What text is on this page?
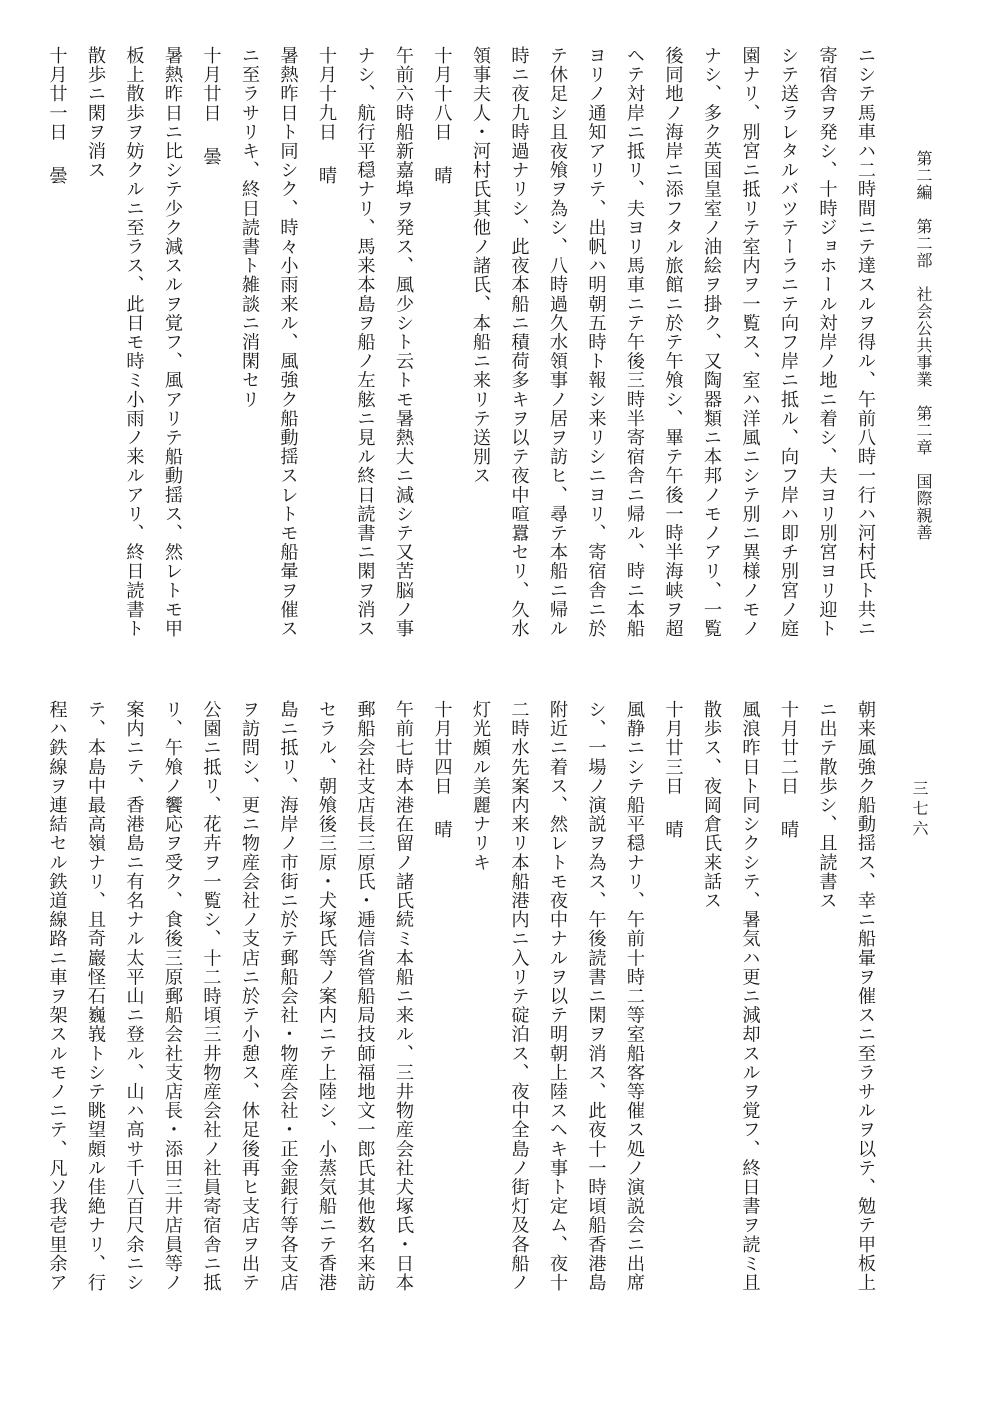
第二編　第二部　社会公共事業　第二章　国際親善
三七六
ニシテ馬車ハ二時間ニテ達スルヲ得ル、午前八時一行ハ河村氏ト共ニ
寄宿舎ヲ発シ、十時ジョホール対岸ノ地ニ着シ、夫ヨリ別宮ヨリ迎ト
シテ送ラレタルバツテーラニテ向フ岸ニ抵ル、向フ岸ハ即チ別宮ノ庭
園ナリ、別宮ニ抵リテ室内ヲ一覧ス、室ハ洋風ニシテ別ニ異様ノモノ
ナシ、多ク英国皇室ノ油絵ヲ掛ク、又陶器類ニ本邦ノモノアリ、一覧
後同地ノ海岸ニ添フタル旅館ニ於テ午飧シ、畢テ午後一時半海峡ヲ超
ヘテ対岸ニ抵リ、夫ヨリ馬車ニテ午後三時半寄宿舎ニ帰ル、時ニ本船
ヨリノ通知アリテ、出帆ハ明朝五時ト報シ来リシニヨリ、寄宿舎ニ於
テ休足シ且夜飧ヲ為シ、八時過久水領事ノ居ヲ訪ヒ、尋テ本船ニ帰ル
時ニ夜九時過ナリシ、此夜本船ニ積荷多キヲ以テ夜中喧囂セリ、久水
領事夫人・河村氏其他ノ諸氏、本船ニ来リテ送別ス
十月十八日 晴
午前六時船新嘉埠ヲ発ス、風少シト云トモ暑熱大ニ減シテ又苦脳ノ事
ナシ、航行平穏ナリ、馬来本島ヲ船ノ左舷ニ見ル終日読書ニ閑ヲ消ス
十月十九日 晴
暑熱昨日ト同シク、時々小雨来ル、風強ク船動揺スレトモ船暈ヲ催ス
ニ至ラサリキ、終日読書ト雑談ニ消閑セリ
十月廿日 曇
暑熱昨日ニ比シテ少ク減スルヲ覚フ、風アリテ船動揺ス、然レトモ甲
板上散歩ヲ妨クルニ至ラス、此日モ時ミ小雨ノ来ルアリ、終日読書ト
散歩ニ閑ヲ消ス
十月廿一日 曇
朝来風強ク船動揺ス、幸ニ船暈ヲ催スニ至ラサルヲ以テ、勉テ甲板上
ニ出テ散歩シ、且読書ス
十月廿二日 晴
風浪昨日ト同シクシテ、暑気ハ更ニ減却スルヲ覚フ、終日書ヲ読ミ且
散歩ス、夜岡倉氏来話ス
十月廿三日 晴
風静ニシテ船平穏ナリ、午前十時二等室船客等催ス処ノ演説会ニ出席
シ、一場ノ演説ヲ為ス、午後読書ニ閑ヲ消ス、此夜十一時頃船香港島
附近ニ着ス、然レトモ夜中ナルヲ以テ明朝上陸スヘキ事ト定ム、夜十
二時水先案内来リ本船港内ニ入リテ碇泊ス、夜中全島ノ街灯及各船ノ
灯光頗ル美麗ナリキ
十月廿四日 晴
午前七時本港在留ノ諸氏続ミ本船ニ来ル、三井物産会社犬塚氏・日本
郵船会社支店長三原氏・逓信省管船局技師福地文一郎氏其他数名来訪
セラル、朝飧後三原・犬塚氏等ノ案内ニテ上陸シ、小蒸気船ニテ香港
島ニ抵リ、海岸ノ市街ニ於テ郵船会社・物産会社・正金銀行等各支店
ヲ訪問シ、更ニ物産会社ノ支店ニ於テ小憩ス、休足後再ヒ支店ヲ出テ
公園ニ抵リ、花卉ヲ一覧シ、十二時頃三井物産会社ノ社員寄宿舎ニ抵
リ、午飧ノ饗応ヲ受ク、食後三原郵船会社支店長・添田三井店員等ノ
案内ニテ、香港島ニ有名ナル太平山ニ登ル、山ハ高サ千八百尺余ニシ
テ、本島中最高嶺ナリ、且奇巖怪石巍峩トシテ眺望頗ル佳絶ナリ、行
程ハ鉄線ヲ連結セル鉄道線路ニ車ヲ架スルモノニテ、凡ソ我壱里余ア
